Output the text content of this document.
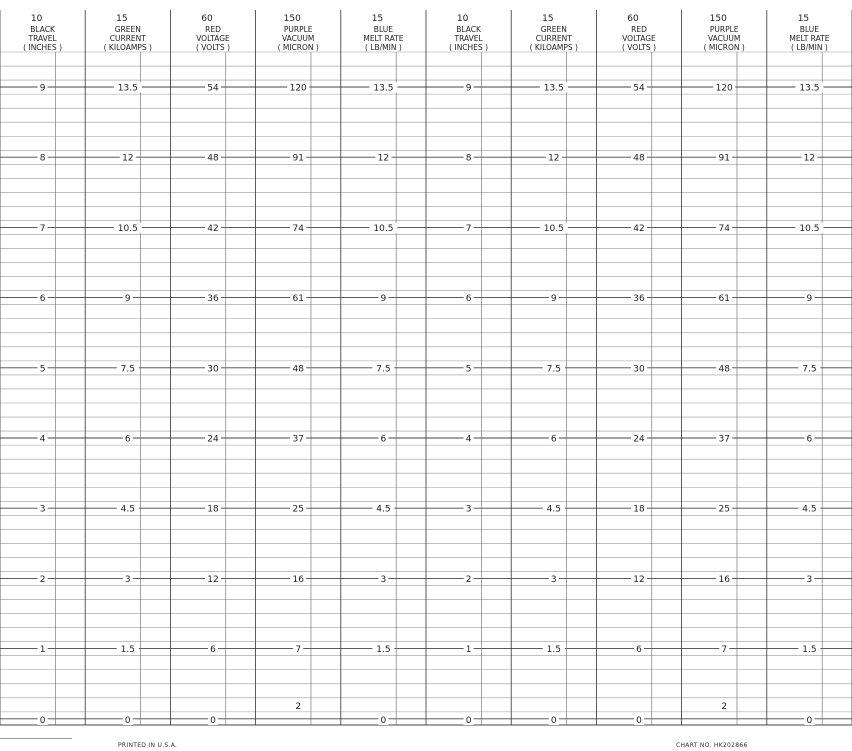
10
BLACK
TRAVEL
( INCHES )
9
8
7
6
5
4
3
2
1
0
15
GREEN
CURRENT
( KILOAMPS )
13.5
12
10.5
9
7.5
6
4.5
3
1.5
0
60
RED
VOLTAGE
( VOLTS )
54
48
42
36
30
24
18
12
6
0
150
PURPLE
VACUUM
( MICRON )
120
91
74
61
48
37
25
16
7
2
15
BLUE
MELT RATE
( LB/MIN )
13.5
12
10.5
9
7.5
6
4.5
3
1.5
0
10
BLACK
TRAVEL
( INCHES )
9
8
7
6
5
4
3
2
1
0
15
GREEN
CURRENT
( KILOAMPS )
13.5
12
10.5
9
7.5
6
4.5
3
1.5
0
60
RED
VOLTAGE
( VOLTS )
54
48
42
36
30
24
18
12
6
0
150
PURPLE
VACUUM
( MICRON )
120
91
74
61
48
37
25
16
7
2
15
BLUE
MELT RATE
( LB/MIN )
13.5
12
10.5
9
7.5
6
4.5
3
1.5
0
PRINTED IN U.S.A.	CHART NO. HK202866
